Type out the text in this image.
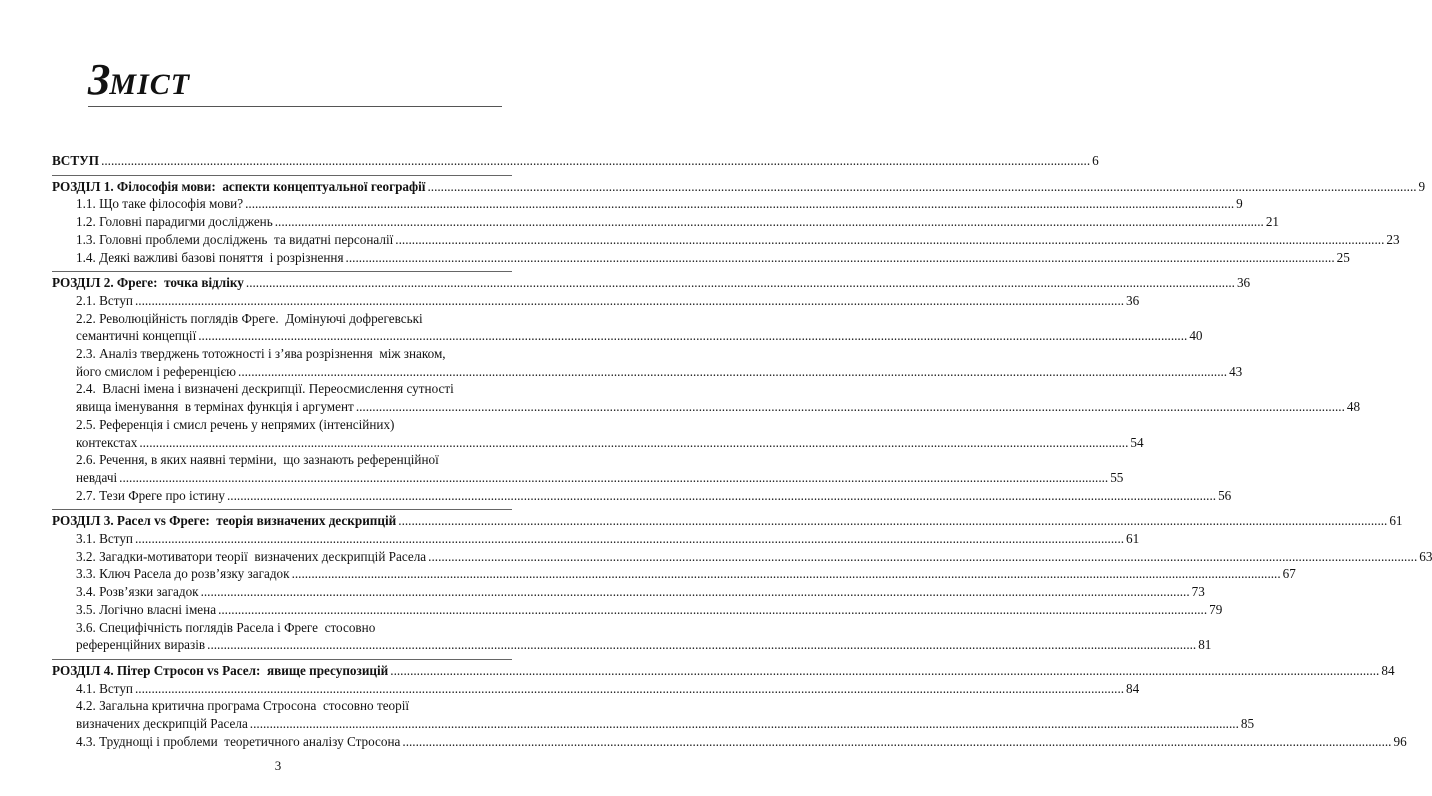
ЗМІСТ
ВСТУП ............................................................................................................................................................................................................................................................................................................ 6
РОЗДІЛ 1. Філософія мови:  аспекти концептуальної географії ............................................................................................................................................................................................................................................................................................................ 9
1.1. Що таке філософія мови? ............................................................................................................................................................................................................................................................................................................ 9
1.2. Головні парадигми досліджень ............................................................................................................................................................................................................................................................................................................ 21
1.3. Головні проблеми досліджень  та видатні персоналії ............................................................................................................................................................................................................................................................................................................ 23
1.4. Деякі важливі базові поняття  і розрізнення ............................................................................................................................................................................................................................................................................................................ 25
РОЗДІЛ 2. Фреге:  точка відліку ............................................................................................................................................................................................................................................................................................................ 36
2.1. Вступ ............................................................................................................................................................................................................................................................................................................ 36
2.2. Революційність поглядів Фреге.  Домінуючі дофрегевські
семантичні концепції ............................................................................................................................................................................................................................................................................................................ 40
2.3. Аналіз тверджень тотожності і з’ява розрізнення  між знаком,
його смислом і референцією ............................................................................................................................................................................................................................................................................................................ 43
2.4.  Власні імена і визначені дескрипції. Переосмислення сутності
явища іменування  в термінах функція і аргумент ............................................................................................................................................................................................................................................................................................................ 48
2.5. Референція і смисл речень у непрямих (інтенсійних)
контекстах ............................................................................................................................................................................................................................................................................................................ 54
2.6. Речення, в яких наявні терміни,  що зазнають референційної
невдачі ............................................................................................................................................................................................................................................................................................................ 55
2.7. Тези Фреге про істину ............................................................................................................................................................................................................................................................................................................ 56
РОЗДІЛ 3. Расел vs Фреге:  теорія визначених дескрипцій ............................................................................................................................................................................................................................................................................................................ 61
3.1. Вступ ............................................................................................................................................................................................................................................................................................................ 61
3.2. Загадки-мотиватори теорії  визначених дескрипцій Расела ............................................................................................................................................................................................................................................................................................................ 63
3.3. Ключ Расела до розв’язку загадок ............................................................................................................................................................................................................................................................................................................ 67
3.4. Розв’язки загадок ............................................................................................................................................................................................................................................................................................................ 73
3.5. Логічно власні імена ............................................................................................................................................................................................................................................................................................................ 79
3.6. Специфічність поглядів Расела і Фреге  стосовно
референційних виразів ............................................................................................................................................................................................................................................................................................................ 81
РОЗДІЛ 4. Пітер Стросон vs Расел:  явище пресупозицій ............................................................................................................................................................................................................................................................................................................ 84
4.1. Вступ ............................................................................................................................................................................................................................................................................................................ 84
4.2. Загальна критична програма Стросона  стосовно теорії
визначених дескрипцій Расела ............................................................................................................................................................................................................................................................................................................ 85
4.3. Труднощі і проблеми  теоретичного аналізу Стросона ............................................................................................................................................................................................................................................................................................................ 96
3
